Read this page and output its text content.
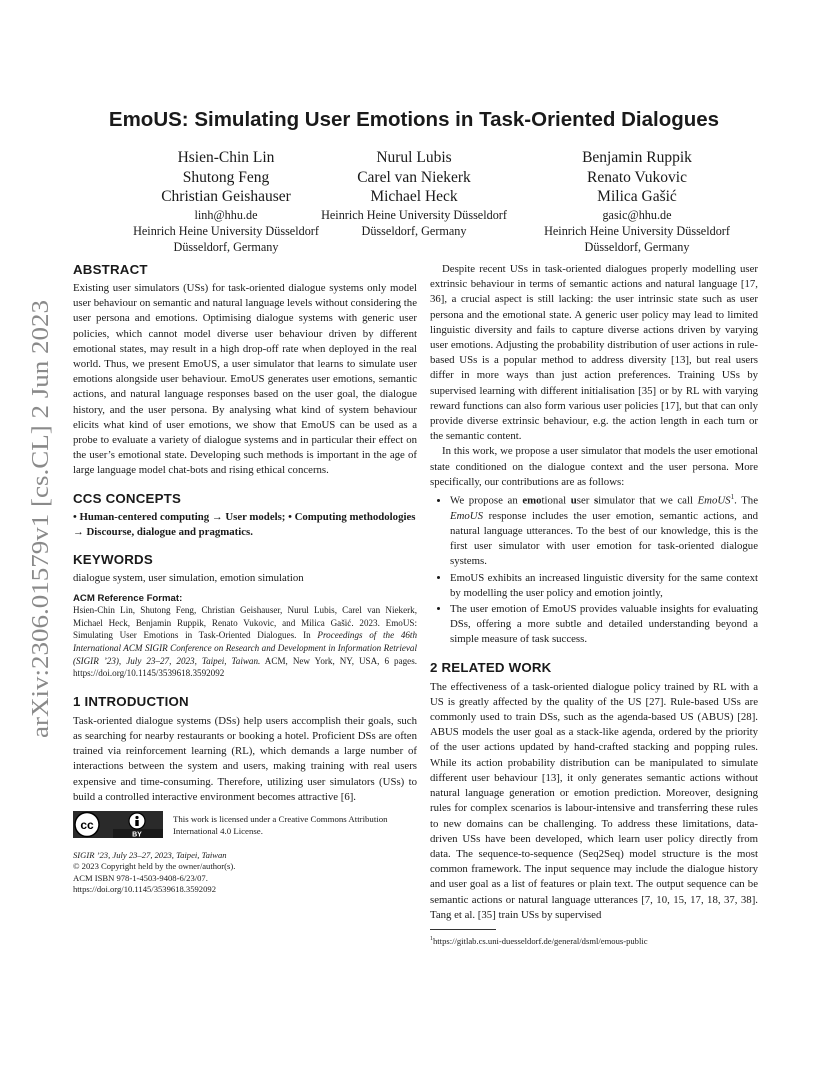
arXiv:2306.01579v1 [cs.CL] 2 Jun 2023
EmoUS: Simulating User Emotions in Task-Oriented Dialogues
Hsien-Chin Lin
Shutong Feng
Christian Geishauser
linh@hhu.de
Heinrich Heine University Düsseldorf
Düsseldorf, Germany
Nurul Lubis
Carel van Niekerk
Michael Heck
Heinrich Heine University Düsseldorf
Düsseldorf, Germany
Benjamin Ruppik
Renato Vukovic
Milica Gašić
gasic@hhu.de
Heinrich Heine University Düsseldorf
Düsseldorf, Germany
ABSTRACT

Existing user simulators (USs) for task-oriented dialogue systems only model user behaviour on semantic and natural language levels without considering the user persona and emotions. Optimising dialogue systems with generic user policies, which cannot model diverse user behaviour driven by different emotional states, may result in a high drop-off rate when deployed in the real world. Thus, we present EmoUS, a user simulator that learns to simulate user emotions alongside user behaviour. EmoUS generates user emotions, semantic actions, and natural language responses based on the user goal, the dialogue history, and the user persona. By analysing what kind of system behaviour elicits what kind of user emotions, we show that EmoUS can be used as a probe to evaluate a variety of dialogue systems and in particular their effect on the user’s emotional state. Developing such methods is important in the age of large language model chat-bots and rising ethical concerns.

CCS CONCEPTS

• Human-centered computing → User models; • Computing methodologies → Discourse, dialogue and pragmatics.

KEYWORDS

dialogue system, user simulation, emotion simulation

ACM Reference Format:

Hsien-Chin Lin, Shutong Feng, Christian Geishauser, Nurul Lubis, Carel van Niekerk, Michael Heck, Benjamin Ruppik, Renato Vukovic, and Milica Gašić. 2023. EmoUS: Simulating User Emotions in Task-Oriented Dialogues. In Proceedings of the 46th International ACM SIGIR Conference on Research and Development in Information Retrieval (SIGIR ’23), July 23–27, 2023, Taipei, Taiwan. ACM, New York, NY, USA, 6 pages. https://doi.org/10.1145/3539618.3592092

1 INTRODUCTION

Task-oriented dialogue systems (DSs) help users accomplish their goals, such as searching for nearby restaurants or booking a hotel. Proficient DSs are often trained via reinforcement learning (RL), which demands a large number of interactions between the system and users, making training with real users expensive and time-consuming. Therefore, utilizing user simulators (USs) to build a controlled interactive environment becomes attractive [6].

cc
BY
This work is licensed under a Creative Commons Attribution International 4.0 License.
SIGIR ’23, July 23–27, 2023, Taipei, Taiwan
© 2023 Copyright held by the owner/author(s).
ACM ISBN 978-1-4503-9408-6/23/07.
https://doi.org/10.1145/3539618.3592092

Despite recent USs in task-oriented dialogues properly modelling user extrinsic behaviour in terms of semantic actions and natural language [17, 36], a crucial aspect is still lacking: the user intrinsic state such as user persona and the emotional state. A generic user policy may lead to limited linguistic diversity and fails to capture diverse actions driven by varying user emotions. Adjusting the probability distribution of user actions in rule-based USs is a popular method to address diversity [13], but real users differ in more ways than just action preferences. Training USs by supervised learning with different initialisation [35] or by RL with varying reward functions can also form various user policies [17], but that can only provide diverse extrinsic behaviour, e.g. the action length in each turn or the semantic content.

In this work, we propose a user simulator that models the user emotional state conditioned on the dialogue context and the user persona. More specifically, our contributions are as follows:

• We propose an emotional user simulator that we call EmoUS$^1$. The EmoUS response includes the user emotion, semantic actions, and natural language utterances. To the best of our knowledge, this is the first user simulator with user emotion for task-oriented dialogue systems.
• EmoUS exhibits an increased linguistic diversity for the same context by modelling the user policy and emotion jointly,
• The user emotion of EmoUS provides valuable insights for evaluating DSs, offering a more subtle and detailed understanding beyond a simple measure of task success.
2 RELATED WORK

The effectiveness of a task-oriented dialogue policy trained by RL with a US is greatly affected by the quality of the US [27]. Rule-based USs are commonly used to train DSs, such as the agenda-based US (ABUS) [28]. ABUS models the user goal as a stack-like agenda, ordered by the priority of the user actions updated by hand-crafted stacking and popping rules. While its action probability distribution can be manipulated to simulate different user behaviour [13], it only generates semantic actions without natural language generation or emotion prediction. Moreover, designing rules for complex scenarios is labour-intensive and transferring these rules to new domains can be challenging. To address these limitations, data-driven USs have been developed, which learn user policy directly from data. The sequence-to-sequence (Seq2Seq) model structure is the most common framework. The input sequence may include the dialogue history and user goal as a list of features or plain text. The output sequence can be semantic actions or natural language utterances [7, 10, 15, 17, 18, 37, 38]. Tang et al. [35] train USs by supervised

$^1$https://gitlab.cs.uni-duesseldorf.de/general/dsml/emous-public
